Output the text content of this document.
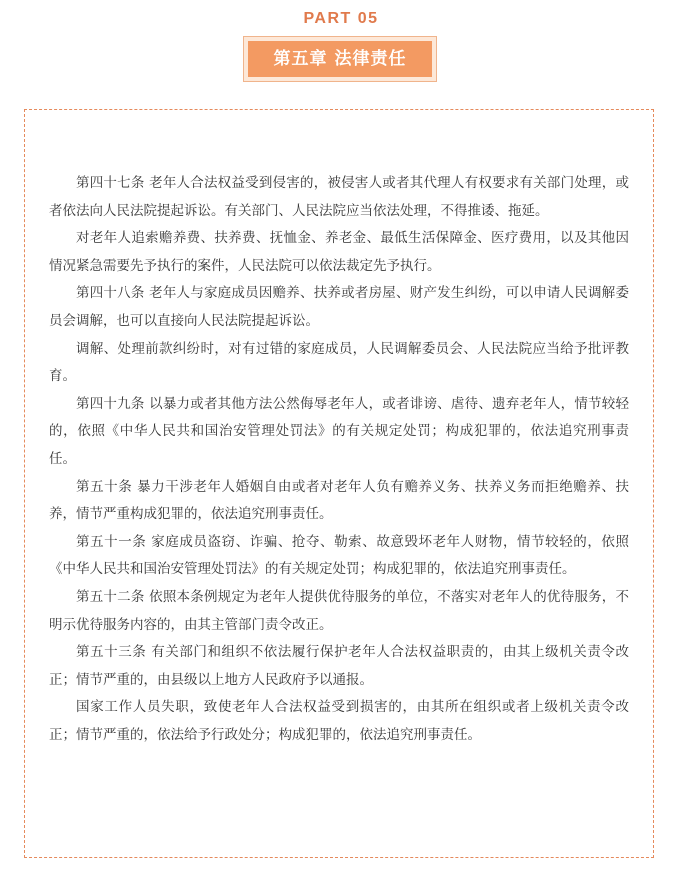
PART 05
第五章 法律责任

第四十七条 老年人合法权益受到侵害的，被侵害人或者其代理人有权要求有关部门处理，或者依法向人民法院提起诉讼。有关部门、人民法院应当依法处理，不得推诿、拖延。

对老年人追索赡养费、扶养费、抚恤金、养老金、最低生活保障金、医疗费用，以及其他因情况紧急需要先予执行的案件，人民法院可以依法裁定先予执行。

第四十八条 老年人与家庭成员因赡养、扶养或者房屋、财产发生纠纷，可以申请人民调解委员会调解，也可以直接向人民法院提起诉讼。

调解、处理前款纠纷时，对有过错的家庭成员，人民调解委员会、人民法院应当给予批评教育。

第四十九条 以暴力或者其他方法公然侮辱老年人，或者诽谤、虐待、遗弃老年人，情节较轻的，依照《中华人民共和国治安管理处罚法》的有关规定处罚；构成犯罪的，依法追究刑事责任。

第五十条 暴力干涉老年人婚姻自由或者对老年人负有赡养义务、扶养义务而拒绝赡养、扶养，情节严重构成犯罪的，依法追究刑事责任。

第五十一条 家庭成员盗窃、诈骗、抢夺、勒索、故意毁坏老年人财物，情节较轻的，依照《中华人民共和国治安管理处罚法》的有关规定处罚；构成犯罪的，依法追究刑事责任。

第五十二条 依照本条例规定为老年人提供优待服务的单位，不落实对老年人的优待服务，不明示优待服务内容的，由其主管部门责令改正。

第五十三条 有关部门和组织不依法履行保护老年人合法权益职责的，由其上级机关责令改正；情节严重的，由县级以上地方人民政府予以通报。

国家工作人员失职，致使老年人合法权益受到损害的，由其所在组织或者上级机关责令改正；情节严重的，依法给予行政处分；构成犯罪的，依法追究刑事责任。
